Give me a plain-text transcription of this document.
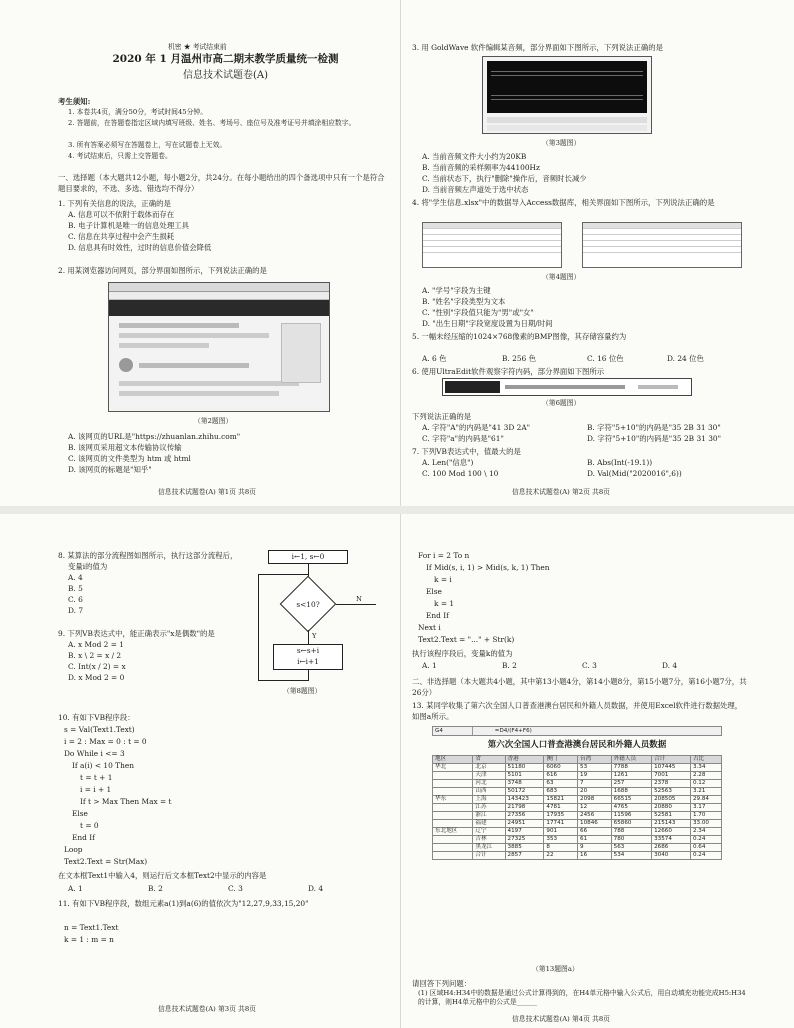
机密 ★ 考试结束前
2020 年 1 月温州市高二期末教学质量统一检测
信息技术试题卷(A)
考生须知:
1. 本卷共4页，满分50分，考试时间45分钟。
2. 答题前，在答题卷指定区域内填写班级、姓名、考场号、座位号及准考证号并填涂相应数字。
3. 所有答案必须写在答题卷上，写在试题卷上无效。
4. 考试结束后，只需上交答题卷。
一、选择题（本大题共12小题，每小题2分，共24分。在每小题给出的四个备选项中只有一个是符合题目要求的，不选、多选、错选均不得分）
1. 下列有关信息的说法，正确的是
A. 信息可以不依附于载体而存在
B. 电子计算机是唯一的信息处理工具
C. 信息在共享过程中会产生损耗
D. 信息具有时效性，过时的信息价值会降低
2. 用某浏览器访问网页，部分界面如图所示，下列说法正确的是
（第2题图）
A. 该网页的URL是"https://zhuanlan.zhihu.com"
B. 该网页采用超文本传输协议传输
C. 该网页的文件类型为 htm 或 html
D. 该网页的标题是"知乎"
信息技术试题卷(A) 第1页 共8页
3. 用 GoldWave 软件编辑某音频，部分界面如下图所示，下列说法正确的是
（第3题图）
A. 当前音频文件大小约为20KB
B. 当前音频的采样频率为44100Hz
C. 当前状态下，执行"删除"操作后，音频时长减少
D. 当前音频左声道处于选中状态
4. 将"学生信息.xlsx"中的数据导入Access数据库，相关界面如下图所示，下列说法正确的是
（第4题图）
A. "学号"字段为主键
B. "姓名"字段类型为文本
C. "性别"字段值只能为"男"或"女"
D. "出生日期"字段宽度设置为日期/时间
5. 一幅未经压缩的1024×768像素的BMP图像，其存储容量约为
A. 6 色	B. 256 色	C. 16 位色	D. 24 位色
6. 使用UltraEdit软件观察字符内码，部分界面如下图所示
（第6题图）
下列说法正确的是
A. 字符"A"的内码是"41 3D 2A"	B. 字符"5+10"的内码是"35 2B 31 30"
C. 字符"a"的内码是"61"	D. 字符"5+10"的内码是"35 2B 31 30"
7. 下列VB表达式中，值最大的是
A. Len("信息")	B. Abs(Int(-19.1))
C. 100 Mod 100 \ 10	D. Val(Mid("2020016",6))
信息技术试题卷(A) 第2页 共8页
8. 某算法的部分流程图如图所示，执行这部分流程后，
变量i的值为
A. 4
B. 5
C. 6
D. 7
i←1, s←0
s<10?
N
Y
s←s+i
i←i+1
（第8题图）
9. 下列VB表达式中，能正确表示"x是偶数"的是
A. x Mod 2 = 1
B. x \ 2 = x / 2
C. Int(x / 2) = x
D. x Mod 2 = 0
10. 有如下VB程序段：
s = Val(Text1.Text)
i = 2 : Max = 0 : t = 0
Do While i <= 3
If a(i) < 10 Then
t = t + 1
i = i + 1
If t > Max Then Max = t
Else
t = 0
End If
Loop
Text2.Text = Str(Max)
在文本框Text1中输入4，则运行后文本框Text2中显示的内容是
A. 1	B. 2	C. 3	D. 4
11. 有如下VB程序段，数组元素a(1)到a(6)的值依次为"12,27,9,33,15,20"
n = Text1.Text
k = 1 : m = n
信息技术试题卷(A) 第3页 共8页
For i = 2 To n
If Mid(s, i, 1) > Mid(s, k, 1) Then
k = i
Else
k = 1
End If
Next i
Text2.Text = "..." + Str(k)
执行该程序段后，变量k的值为
A. 1	B. 2	C. 3	D. 4
二、非选择题（本大题共4小题，其中第13小题4分，第14小题8分，第15小题7分，第16小题7分，共26分）
13. 某同学收集了第六次全国人口普查港澳台居民和外籍人员数据，并使用Excel软件进行数据处理，如图a所示。
G4	=D4/(F4+F6)
第六次全国人口普查港澳台居民和外籍人员数据
地区	省	香港	澳门	台湾	外籍人员	合计	占比
华北	北京	51180	6060	53	7788	107445	3.34
	天津	5101	616	19	1261	7001	2.28
	河北	3748	63	7	257	2378	0.12
	山西	50172	683	20	1688	52563	3.21
华东	上海	143423	15821	2098	66515	208505	29.84
	江苏	21798	4781	12	4765	20880	3.17
	浙江	27356	17935	2456	11596	52581	1.70
	福建	24951	17741	10846	65860	215143	33.00
东北地区	辽宁	4197	901	66	788	12660	2.34
	吉林	27325	353	61	780	33574	0.24
	黑龙江	3885	8	9	563	2686	0.64
	合计	2857	22	16	534	3040	0.24
（第13题图a）
请回答下列问题：
(1) 区域H4:H34中的数据是通过公式计算得到的，在H4单元格中输入公式后，用自动填充功能完成H5:H34的计算，则H4单元格中的公式是______
信息技术试题卷(A) 第4页 共8页
